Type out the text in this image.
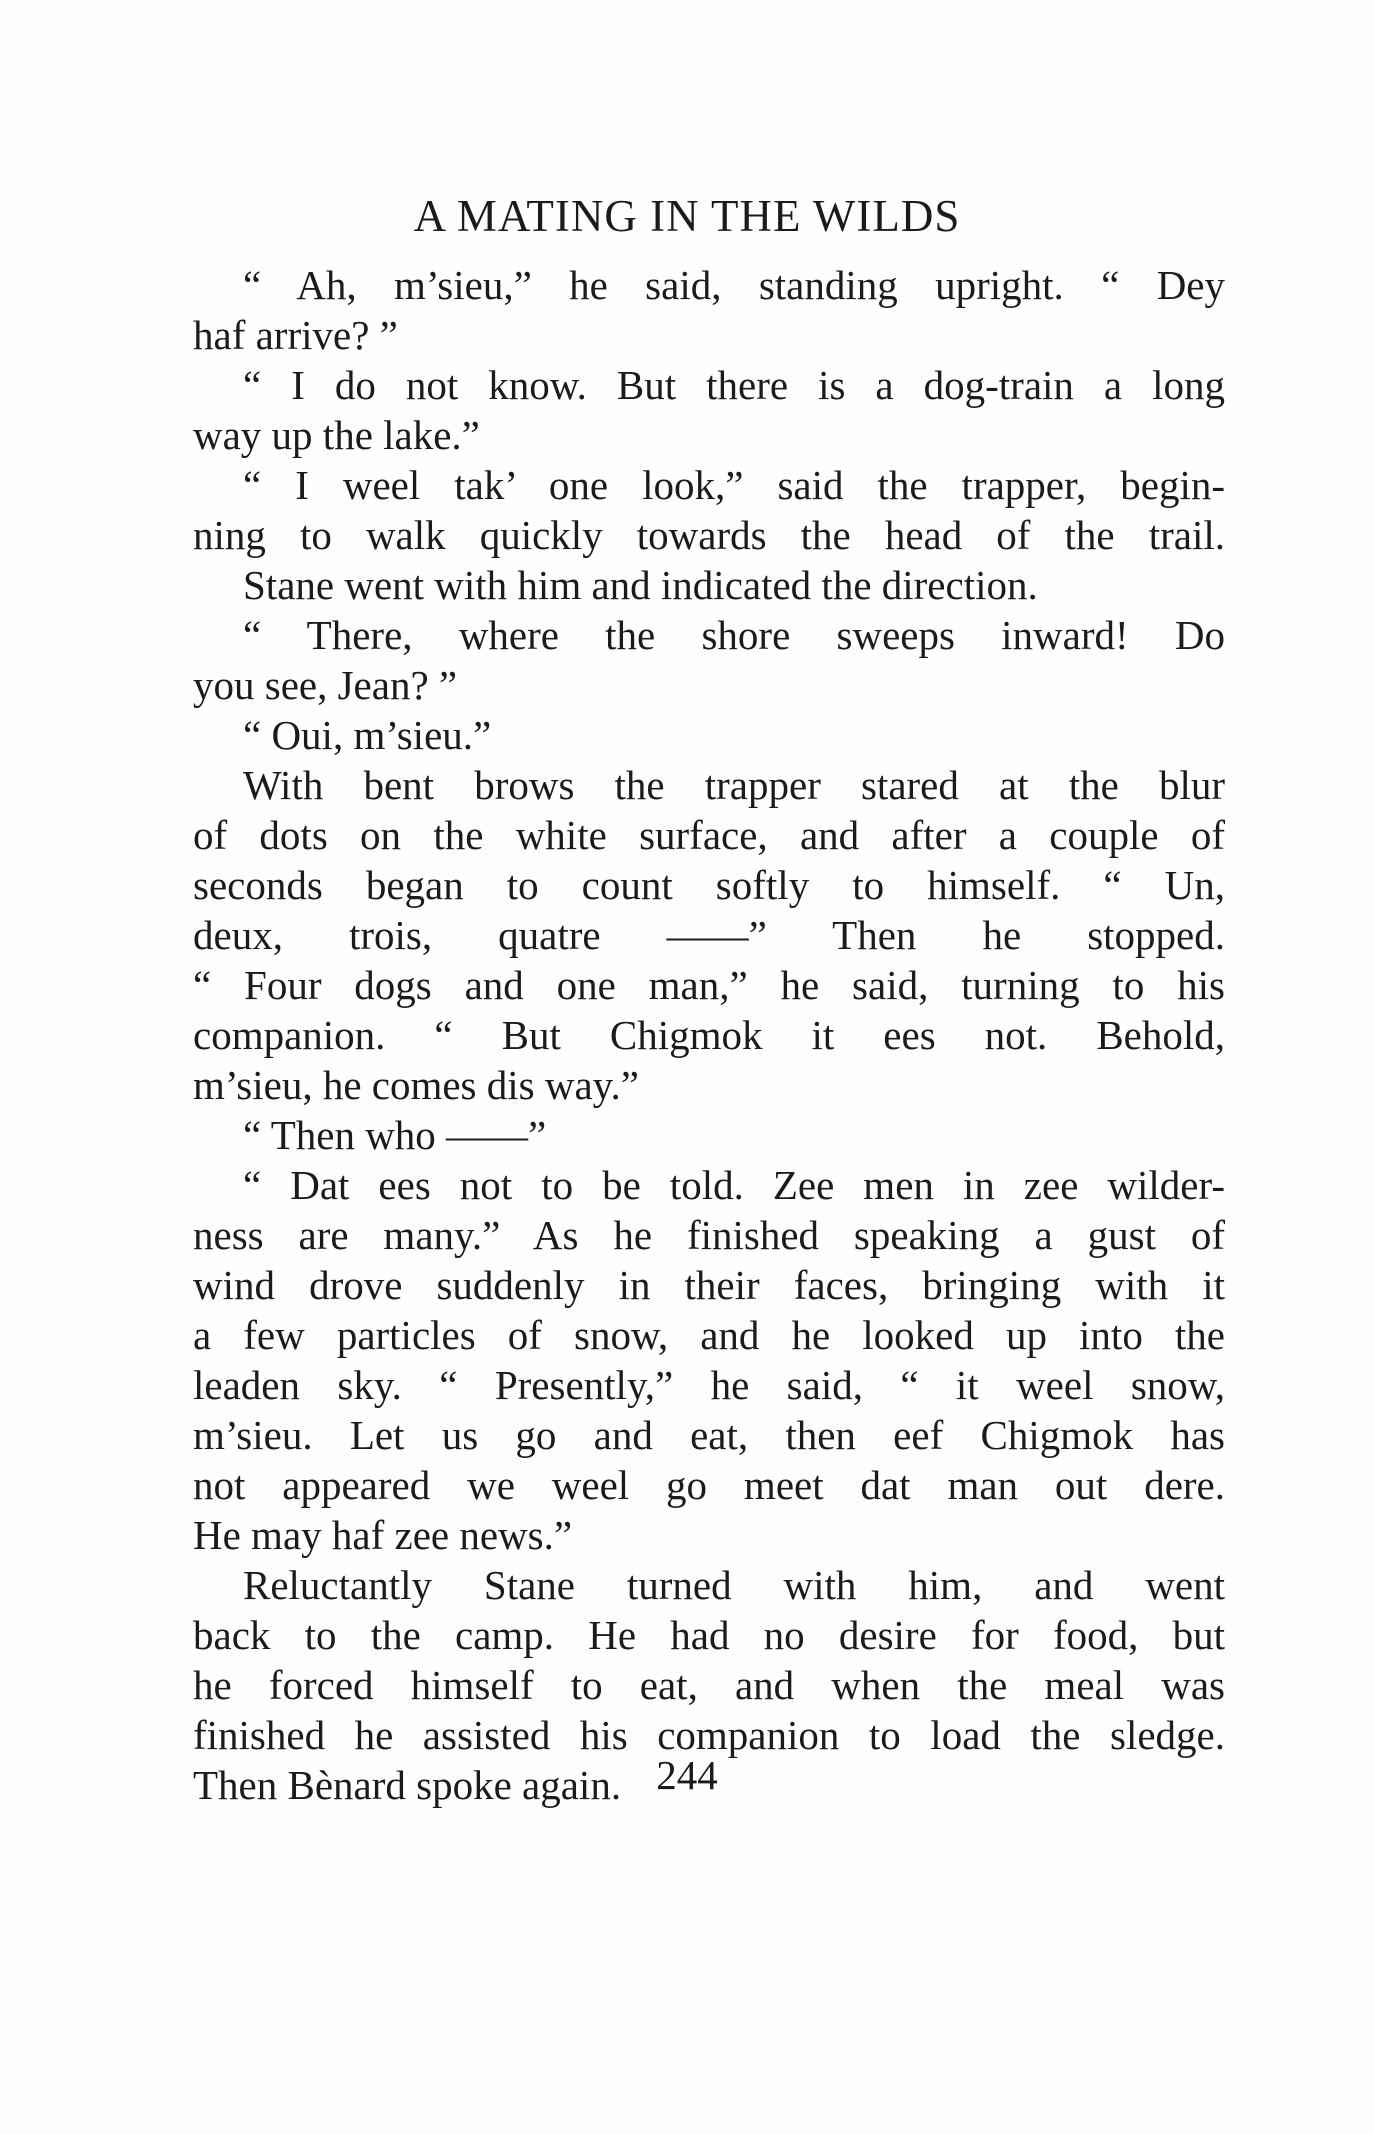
A MATING IN THE WILDS
“ Ah, m’sieu,” he said, standing upright. “ Dey
haf arrive? ”
“ I do not know. But there is a dog-train a long
way up the lake.”
“ I weel tak’ one look,” said the trapper, begin-
ning to walk quickly towards the head of the trail.
Stane went with him and indicated the direction.
“ There, where the shore sweeps inward! Do
you see, Jean? ”
“ Oui, m’sieu.”
With bent brows the trapper stared at the blur
of dots on the white surface, and after a couple of
seconds began to count softly to himself. “ Un,
deux, trois, quatre ——” Then he stopped.
“ Four dogs and one man,” he said, turning to his
companion. “ But Chigmok it ees not. Behold,
m’sieu, he comes dis way.”
“ Then who ——”
“ Dat ees not to be told. Zee men in zee wilder-
ness are many.” As he finished speaking a gust of
wind drove suddenly in their faces, bringing with it
a few particles of snow, and he looked up into the
leaden sky. “ Presently,” he said, “ it weel snow,
m’sieu. Let us go and eat, then eef Chigmok has
not appeared we weel go meet dat man out dere.
He may haf zee news.”
Reluctantly Stane turned with him, and went
back to the camp. He had no desire for food, but
he forced himself to eat, and when the meal was
finished he assisted his companion to load the sledge.
Then Bènard spoke again. 244
